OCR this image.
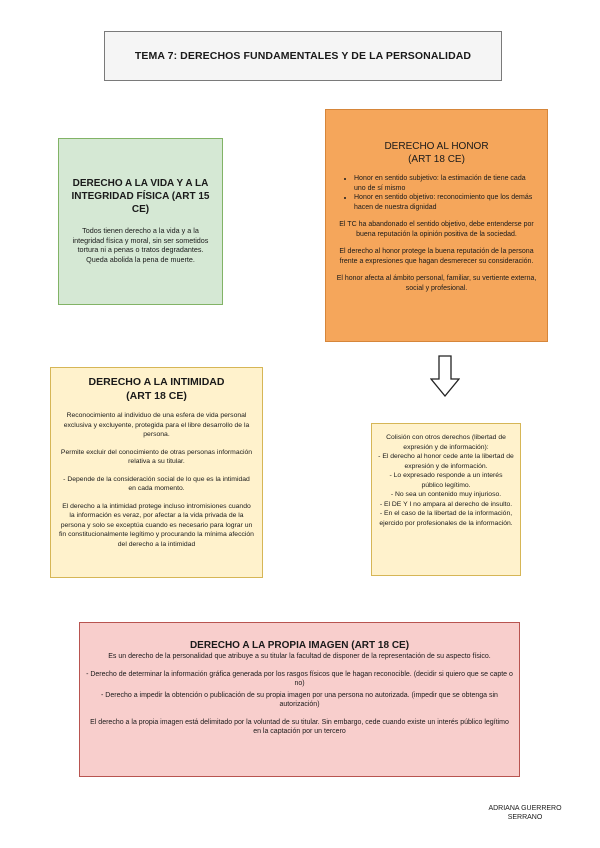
TEMA 7: DERECHOS FUNDAMENTALES Y DE LA PERSONALIDAD
DERECHO A LA VIDA Y A LA INTEGRIDAD FÍSICA (ART 15 CE)

Todos tienen derecho a la vida y a la integridad física y moral, sin ser sometidos tortura ni a penas o tratos degradantes. Queda abolida la pena de muerte.

DERECHO AL HONOR
(ART 18 CE)
• Honor en sentido subjetivo: la estimación de tiene cada uno de sí mismo
• Honor en sentido objetivo: reconocimiento que los demás hacen de nuestra dignidad

El TC ha abandonado el sentido objetivo, debe entenderse por buena reputación la opinión positiva de la sociedad.

El derecho al honor protege la buena reputación de la persona frente a expresiones que hagan desmerecer su consideración.

El honor afecta al ámbito personal, familiar, su vertiente externa, social y profesional.

DERECHO A LA INTIMIDAD
(ART 18 CE)

Reconocimiento al individuo de una esfera de vida personal exclusiva y excluyente, protegida para el libre desarrollo de la persona.

Permite excluir del conocimiento de otras personas información relativa a su titular.

- Depende de la consideración social de lo que es la intimidad en cada momento.

El derecho a la intimidad protege incluso intromisiones cuando la información es veraz, por afectar a la vida privada de la persona y solo se exceptúa cuando es necesario para lograr un fin constitucionalmente legítimo y procurando la mínima afección del derecho a la intimidad

Colisión con otros derechos (libertad de expresión y de información):

- El derecho al honor cede ante la libertad de expresión y de información.

- Lo expresado responde a un interés público legítimo.

- No sea un contenido muy injurioso.

- El DE Y I no ampara al derecho de insulto.

- En el caso de la libertad de la información, ejercido por profesionales de la información.

DERECHO A LA PROPIA IMAGEN (ART 18 CE)

Es un derecho de la personalidad que atribuye a su titular la facultad de disponer de la representación de su aspecto físico.

- Derecho de determinar la información gráfica generada por los rasgos físicos que le hagan reconocible. (decidir si quiero que se capte o no)

- Derecho a impedir la obtención o publicación de su propia imagen por una persona no autorizada. (impedir que se obtenga sin autorización)

El derecho a la propia imagen está delimitado por la voluntad de su titular. Sin embargo, cede cuando existe un interés público legítimo en la captación por un tercero

ADRIANA GUERRERO
SERRANO
